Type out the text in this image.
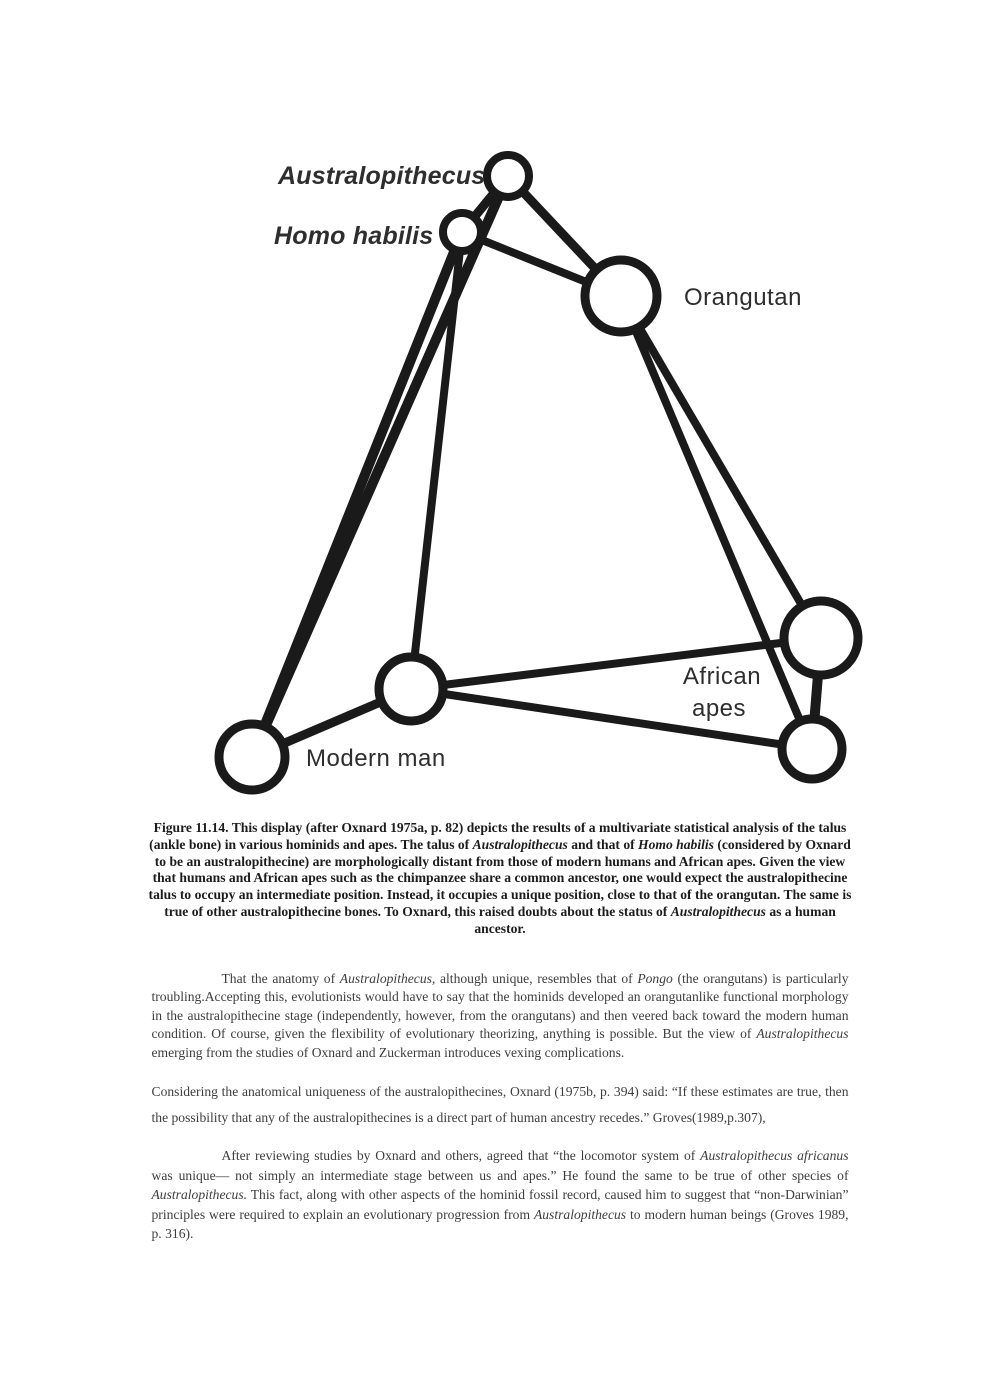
Australopithecus
Homo habilis
Orangutan
African
apes
Modern man
Figure 11.14. This display (after Oxnard 1975a, p. 82) depicts the results of a multivariate statistical analysis of the talus (ankle bone) in various hominids and apes. The talus of Australopithecus and that of Homo habilis (considered by Oxnard to be an australopithecine) are morphologically distant from those of modern humans and African apes. Given the view that humans and African apes such as the chimpanzee share a common ancestor, one would expect the australopithecine talus to occupy an intermediate position. Instead, it occupies a unique position, close to that of the orangutan. The same is true of other australopithecine bones. To Oxnard, this raised doubts about the status of Australopithecus as a human ancestor.

That the anatomy of Australopithecus, although unique, resembles that of Pongo (the orangutans) is particularly troubling.Accepting this, evolutionists would have to say that the hominids developed an orangutanlike functional morphology in the australopithecine stage (independently, however, from the orangutans) and then veered back toward the modern human condition. Of course, given the flexibility of evolutionary theorizing, anything is possible. But the view of Australopithecus emerging from the studies of Oxnard and Zuckerman introduces vexing complications.

Considering the anatomical uniqueness of the australopithecines, Oxnard (1975b, p. 394) said: “If these estimates are true, then the possibility that any of the australopithecines is a direct part of human ancestry recedes.” Groves(1989,p.307),

After reviewing studies by Oxnard and others, agreed that “the locomotor system of Australopithecus africanus was unique— not simply an intermediate stage between us and apes.” He found the same to be true of other species of Australopithecus. This fact, along with other aspects of the hominid fossil record, caused him to suggest that “non-Darwinian” principles were required to explain an evolutionary progression from Australopithecus to modern human beings (Groves 1989, p. 316).
